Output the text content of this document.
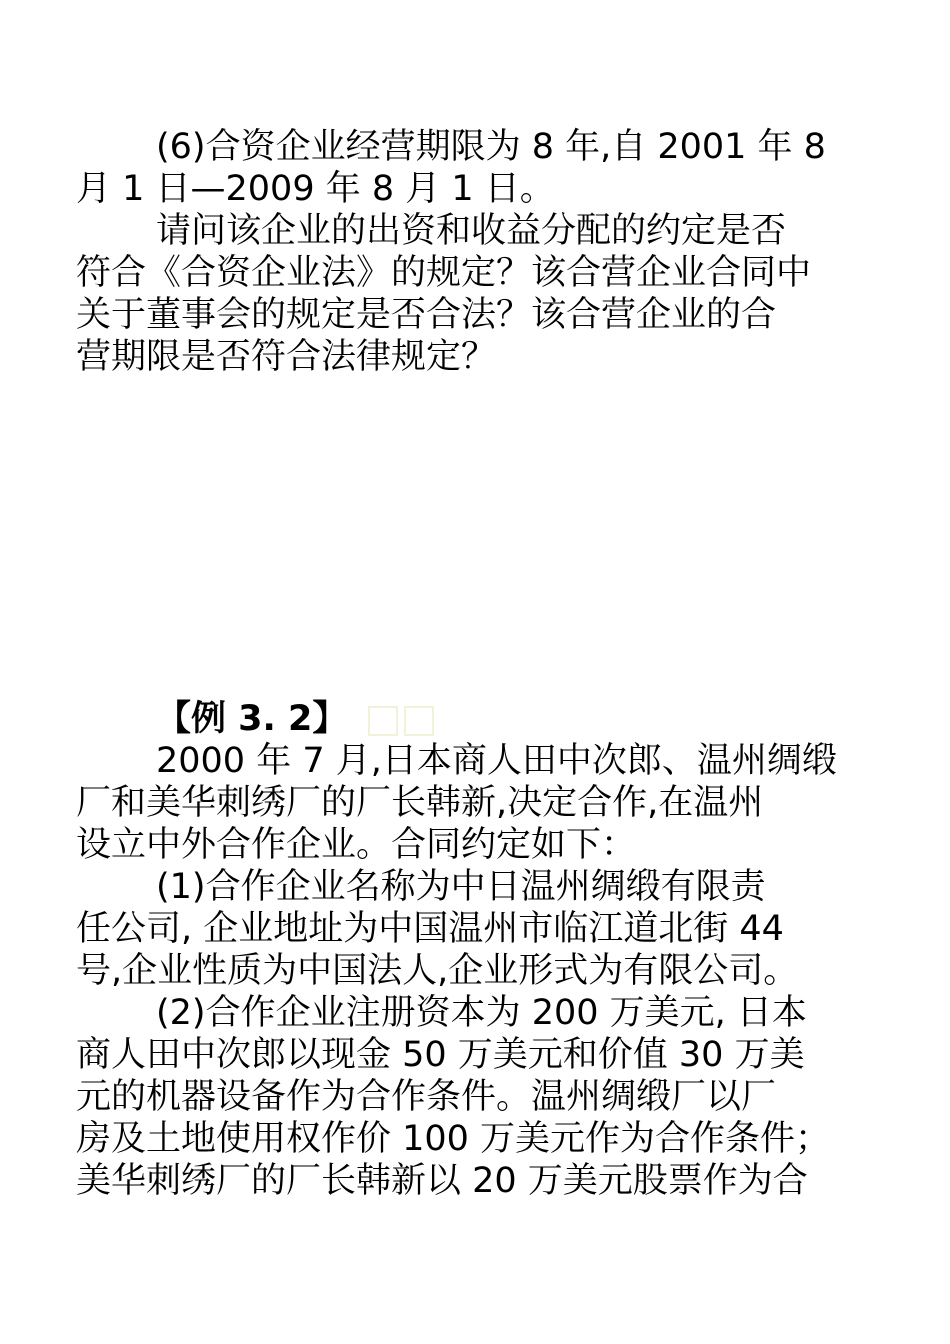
(6)合资企业经营期限为 8 年,自 2001 年 8
月 1 日—2009 年 8 月 1 日。
请问该企业的出资和收益分配的约定是否
符合《合资企业法》的规定？该合营企业合同中
关于董事会的规定是否合法？该合营企业的合
营期限是否符合法律规定？
【例 3. 2】
2000 年 7 月,日本商人田中次郎、温州绸缎
厂和美华刺绣厂的厂长韩新,决定合作,在温州
设立中外合作企业。合同约定如下：
(1)合作企业名称为中日温州绸缎有限责
任公司, 企业地址为中国温州市临江道北街 44
号,企业性质为中国法人,企业形式为有限公司。
(2)合作企业注册资本为 200 万美元, 日本
商人田中次郎以现金 50 万美元和价值 30 万美
元的机器设备作为合作条件。温州绸缎厂以厂
房及土地使用权作价 100 万美元作为合作条件；
美华刺绣厂的厂长韩新以 20 万美元股票作为合
